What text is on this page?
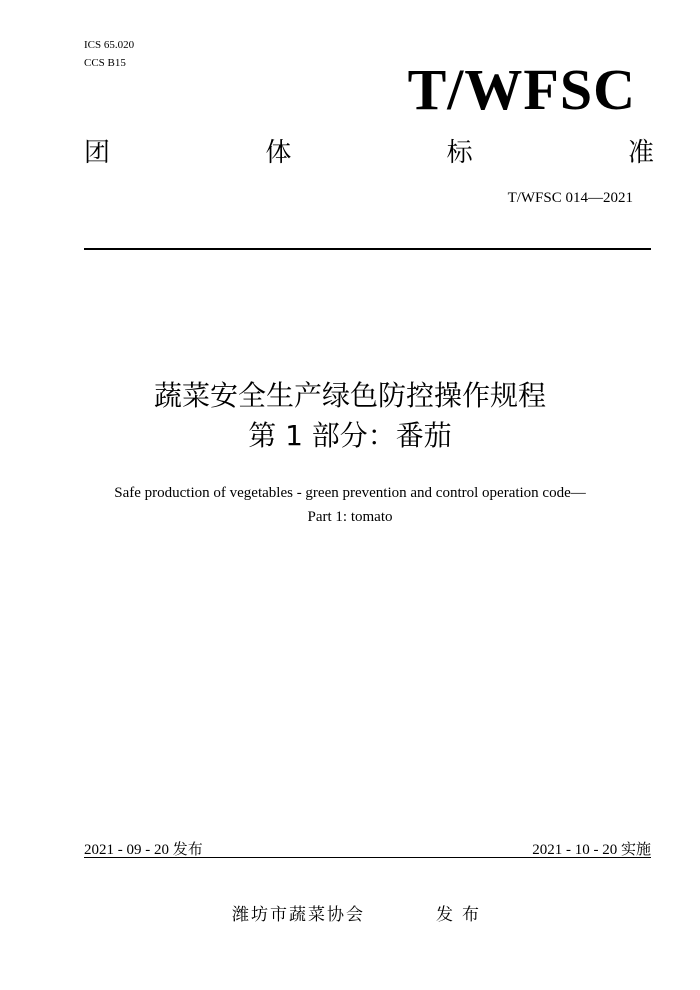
ICS 65.020
CCS B15	T/WFSC
团	体	标	准
T/WFSC 014—2021
蔬菜安全生产绿色防控操作规程
第 1 部分：番茄
Safe production of vegetables - green prevention and control operation code—
Part 1: tomato
2021 - 09 - 20 发布	2021 - 10 - 20 实施
潍坊市蔬菜协会	发布
